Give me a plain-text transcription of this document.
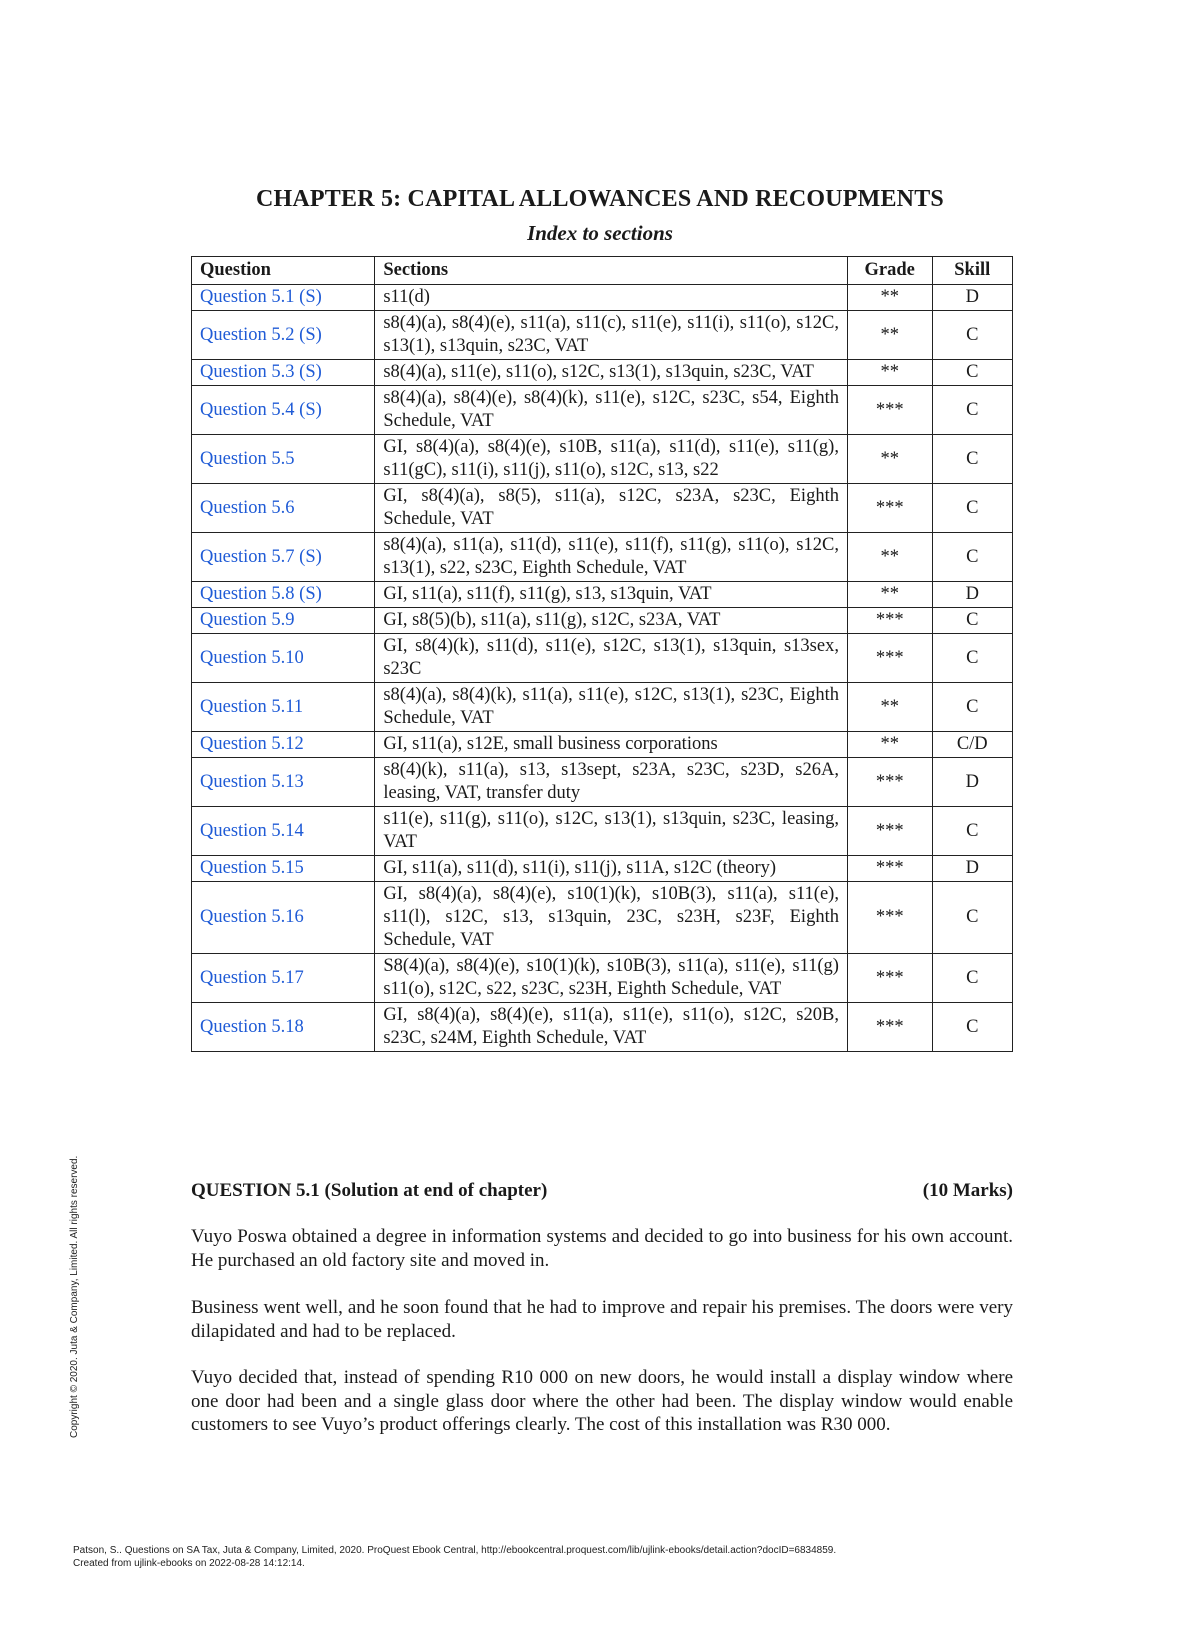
CHAPTER 5: CAPITAL ALLOWANCES AND RECOUPMENTS
Index to sections
Question	Sections	Grade	Skill
Question 5.1 (S)	s11(d)	**	D
Question 5.2 (S)	s8(4)(a), s8(4)(e), s11(a), s11(c), s11(e), s11(i), s11(o), s12C, s13(1), s13quin, s23C, VAT	**	C
Question 5.3 (S)	s8(4)(a), s11(e), s11(o), s12C, s13(1), s13quin, s23C, VAT	**	C
Question 5.4 (S)	s8(4)(a), s8(4)(e), s8(4)(k), s11(e), s12C, s23C, s54, Eighth Schedule, VAT	***	C
Question 5.5	GI, s8(4)(a), s8(4)(e), s10B, s11(a), s11(d), s11(e), s11(g), s11(gC), s11(i), s11(j), s11(o), s12C, s13, s22	**	C
Question 5.6	GI, s8(4)(a), s8(5), s11(a), s12C, s23A, s23C, Eighth Schedule, VAT	***	C
Question 5.7 (S)	s8(4)(a), s11(a), s11(d), s11(e), s11(f), s11(g), s11(o), s12C, s13(1), s22, s23C, Eighth Schedule, VAT	**	C
Question 5.8 (S)	GI, s11(a), s11(f), s11(g), s13, s13quin, VAT	**	D
Question 5.9	GI, s8(5)(b), s11(a), s11(g), s12C, s23A, VAT	***	C
Question 5.10	GI, s8(4)(k), s11(d), s11(e), s12C, s13(1), s13quin, s13sex, s23C	***	C
Question 5.11	s8(4)(a), s8(4)(k), s11(a), s11(e), s12C, s13(1), s23C, Eighth Schedule, VAT	**	C
Question 5.12	GI, s11(a), s12E, small business corporations	**	C/D
Question 5.13	s8(4)(k), s11(a), s13, s13sept, s23A, s23C, s23D, s26A, leasing, VAT, transfer duty	***	D
Question 5.14	s11(e), s11(g), s11(o), s12C, s13(1), s13quin, s23C, leasing, VAT	***	C
Question 5.15	GI, s11(a), s11(d), s11(i), s11(j), s11A, s12C (theory)	***	D
Question 5.16	GI, s8(4)(a), s8(4)(e), s10(1)(k), s10B(3), s11(a), s11(e), s11(l), s12C, s13, s13quin, 23C, s23H, s23F, Eighth Schedule, VAT	***	C
Question 5.17	S8(4)(a), s8(4)(e), s10(1)(k), s10B(3), s11(a), s11(e), s11(g) s11(o), s12C, s22, s23C, s23H, Eighth Schedule, VAT	***	C
Question 5.18	GI, s8(4)(a), s8(4)(e), s11(a), s11(e), s11(o), s12C, s20B, s23C, s24M, Eighth Schedule, VAT	***	C
QUESTION 5.1 (Solution at end of chapter)	(10 Marks)

Vuyo Poswa obtained a degree in information systems and decided to go into business for his own account. He purchased an old factory site and moved in.

Business went well, and he soon found that he had to improve and repair his premises. The doors were very dilapidated and had to be replaced.

Vuyo decided that, instead of spending R10 000 on new doors, he would install a display window where one door had been and a single glass door where the other had been. The display window would enable customers to see Vuyo’s product offerings clearly. The cost of this installation was R30 000.

Copyright © 2020. Juta & Company, Limited. All rights reserved.
Patson, S.. Questions on SA Tax, Juta & Company, Limited, 2020. ProQuest Ebook Central, http://ebookcentral.proquest.com/lib/ujlink-ebooks/detail.action?docID=6834859.
Created from ujlink-ebooks on 2022-08-28 14:12:14.
